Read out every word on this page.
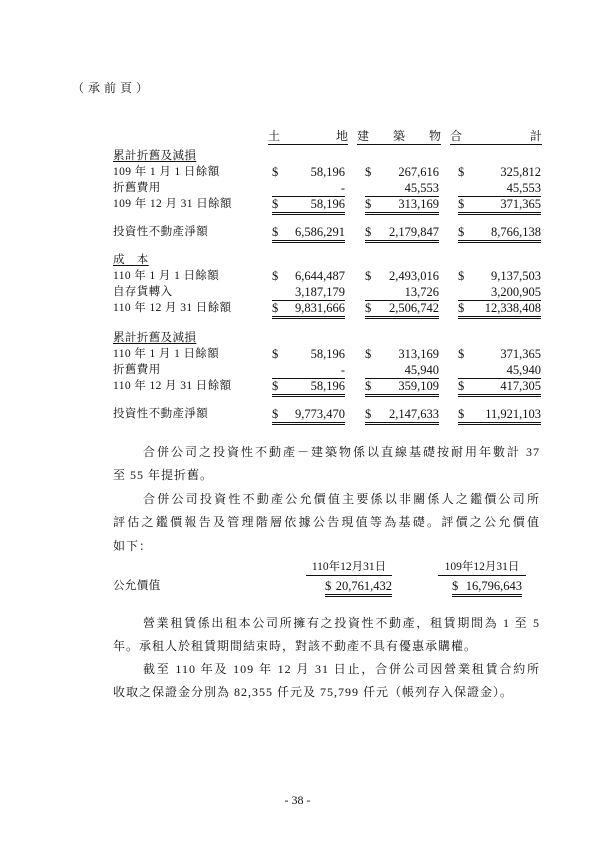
（承前頁）
土地 建築物 合計
累計折舊及減損
109 年 1 月 1 日餘額	$	58,196 $ 267,616 $	325,812
折舊費用	-	45,553	45,553
109 年 12 月 31 日餘額	$	58,196 $ 313,169 $	371,365
投資性不動產淨額	$ 6,586,291 $ 2,179,847 $ 8,766,138
成　本
110 年 1 月 1 日餘額	$ 6,644,487 $ 2,493,016 $ 9,137,503
自存貨轉入	3,187,179	13,726	3,200,905
110 年 12 月 31 日餘額	$ 9,831,666 $ 2,506,742 $ 12,338,408
累計折舊及減損
110 年 1 月 1 日餘額	$	58,196 $ 313,169 $	371,365
折舊費用	-	45,940	45,940
110 年 12 月 31 日餘額	$	58,196 $ 359,109 $	417,305
投資性不動產淨額	$ 9,773,470 $ 2,147,633 $ 11,921,103
合併公司之投資性不動產－建築物係以直線基礎按耐用年數計 37
至 55 年提折舊。
合併公司投資性不動產公允價值主要係以非關係人之鑑價公司所
評估之鑑價報告及管理階層依據公告現值等為基礎。評價之公允價值
如下：
110年12月31日	109年12月31日
公允價值	$ 20,761,432	$ 16,796,643
營業租賃係出租本公司所擁有之投資性不動產，租賃期間為 1 至 5
年。承租人於租賃期間結束時，對該不動產不具有優惠承購權。
截至 110 年及 109 年 12 月 31 日止，合併公司因營業租賃合約所
收取之保證金分別為 82,355 仟元及 75,799 仟元（帳列存入保證金）。
- 38 -
